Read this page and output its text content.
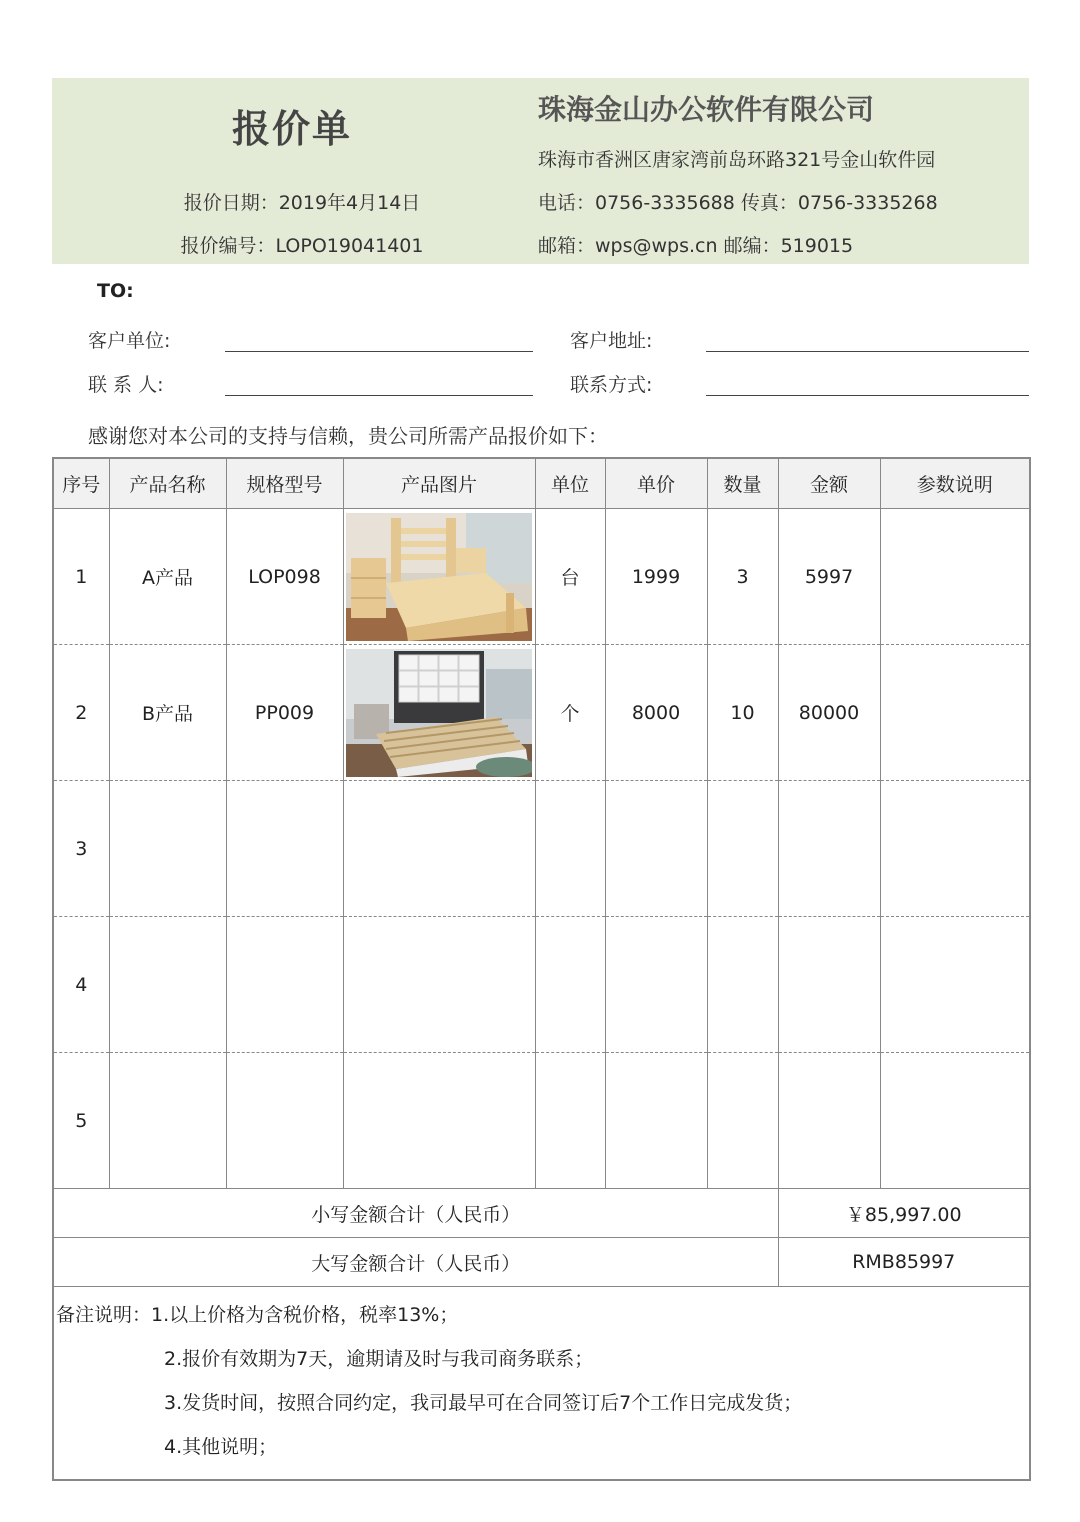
报价单
报价日期：2019年4月14日
报价编号：LOPO19041401
珠海金山办公软件有限公司
珠海市香洲区唐家湾前岛环路321号金山软件园
电话：0756-3335688 传真：0756-3335268
邮箱：wps@wps.cn 邮编：519015
TO:
客户单位:	客户地址:
联 系 人:	联系方式:
感谢您对本公司的支持与信赖，贵公司所需产品报价如下：
序号	产品名称	规格型号	产品图片	单位	单价	数量	金额	参数说明
1	A产品	LOP098		台	1999	3	5997	
2	B产品	PP009		个	8000	10	80000	
3								
4								
5								
小写金额合计（人民币）							￥85,997.00	
大写金额合计（人民币）							RMB85997	

备注说明：1.以上价格为含税价格，税率13%；
2.报价有效期为7天，逾期请及时与我司商务联系；
3.发货时间，按照合同约定，我司最早可在合同签订后7个工作日完成发货；
4.其他说明；								
